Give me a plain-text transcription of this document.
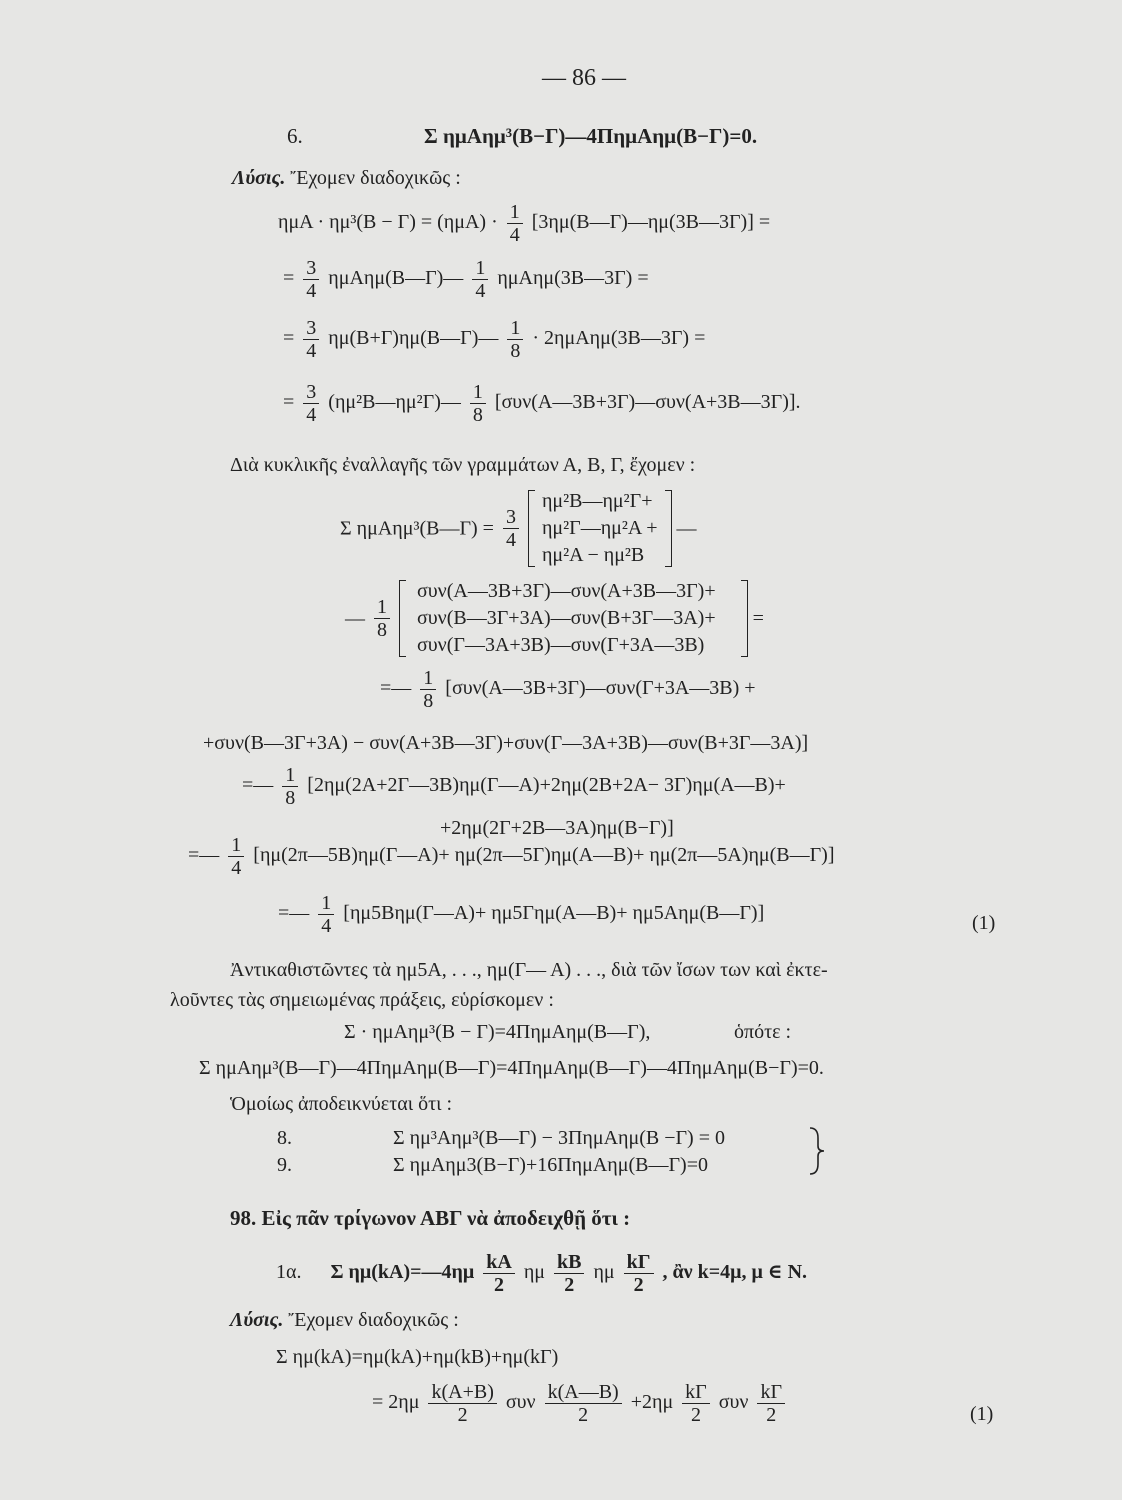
— 86 —
6.	Σ ημΑημ³(Β−Γ)—4ΠημΑημ(Β−Γ)=0.
Λύσις. Ἔχομεν διαδοχικῶς :
$\eta\mu A \cdot \eta\mu^3(B - \Gamma) = (\eta\mu A) \cdot \frac{1}{4}$ [3ημ(Β—Γ)—ημ(3Β—3Γ)] =
= $\frac{3}{4}$ ημΑημ(Β—Γ)— $\frac{1}{4}$ ημΑημ(3Β—3Γ) =
= $\frac{3}{4}$ ημ(Β+Γ)ημ(Β—Γ)— $\frac{1}{8}$ · 2ημΑημ(3Β—3Γ) =
= $\frac{3}{4}$ (ημ²Β—ημ²Γ)— $\frac{1}{8}$ [συν(Α—3Β+3Γ)—συν(Α+3Β—3Γ)].
Διὰ κυκλικῆς ἐναλλαγῆς τῶν γραμμάτων Α, Β, Γ, ἔχομεν :
Σ ημΑημ³(Β—Γ) = $\frac{3}{4}$

ημ²Β—ημ²Γ+
ημ²Γ—ημ²Α +
ημ²Α − ημ²Β
—
— $\frac{1}{8}$

συν(Α—3Β+3Γ)—συν(Α+3Β—3Γ)+
συν(Β—3Γ+3Α)—συν(Β+3Γ—3Α)+
συν(Γ—3Α+3Β)—συν(Γ+3Α—3Β)
=
=— $\frac{1}{8}$ [συν(Α—3Β+3Γ)—συν(Γ+3Α—3Β) +
+συν(Β—3Γ+3Α) − συν(Α+3Β—3Γ)+συν(Γ—3Α+3Β)—συν(Β+3Γ—3Α)]
=— $\frac{1}{8}$ [2ημ(2Α+2Γ—3Β)ημ(Γ—Α)+2ημ(2Β+2Α− 3Γ)ημ(Α—Β)+
+2ημ(2Γ+2Β—3Α)ημ(Β−Γ)]
=— $\frac{1}{4}$ [ημ(2π—5Β)ημ(Γ—Α)+ ημ(2π—5Γ)ημ(Α—Β)+ ημ(2π—5Α)ημ(Β—Γ)]
=— $\frac{1}{4}$ [ημ5Βημ(Γ—Α)+ ημ5Γημ(Α—Β)+ ημ5Αημ(Β—Γ)]	(1)
Ἀντικαθιστῶντες τὰ ημ5Α, . . ., ημ(Γ— Α) . . ., διὰ τῶν ἴσων των καὶ ἐκτε-
λοῦντες τὰς σημειωμένας πράξεις, εὑρίσκομεν :
Σ · ημΑημ³(Β − Γ)=4ΠημΑημ(Β—Γ),	ὁπότε :
Σ ημΑημ³(Β—Γ)—4ΠημΑημ(Β—Γ)=4ΠημΑημ(Β—Γ)—4ΠημΑημ(Β−Γ)=0.
Ὁμοίως ἀποδεικνύεται ὅτι :
8.	Σ ημ³Αημ³(Β—Γ) − 3ΠημΑημ(Β −Γ) = 0
9.	Σ ημΑημ3(Β−Γ)+16ΠημΑημ(Β—Γ)=0
98. Εἰς πᾶν τρίγωνον ΑΒΓ νὰ ἀποδειχθῇ ὅτι :
1α. Σ ημ(kΑ)=—4ημ $\frac{kA}{2}$ ημ $\frac{kB}{2}$ ημ $\frac{k\Gamma}{2}$ , ἂν k=4μ, μ ∈ Ν.
Λύσις. Ἔχομεν διαδοχικῶς :
Σ ημ(kΑ)=ημ(kΑ)+ημ(kΒ)+ημ(kΓ)
= $2\eta\mu \frac{k(A+B)}{2}$ συν $\frac{k(A—B)}{2} +2\eta\mu \frac{k\Gamma}{2}$ συν $\frac{k\Gamma}{2}$	(1)
